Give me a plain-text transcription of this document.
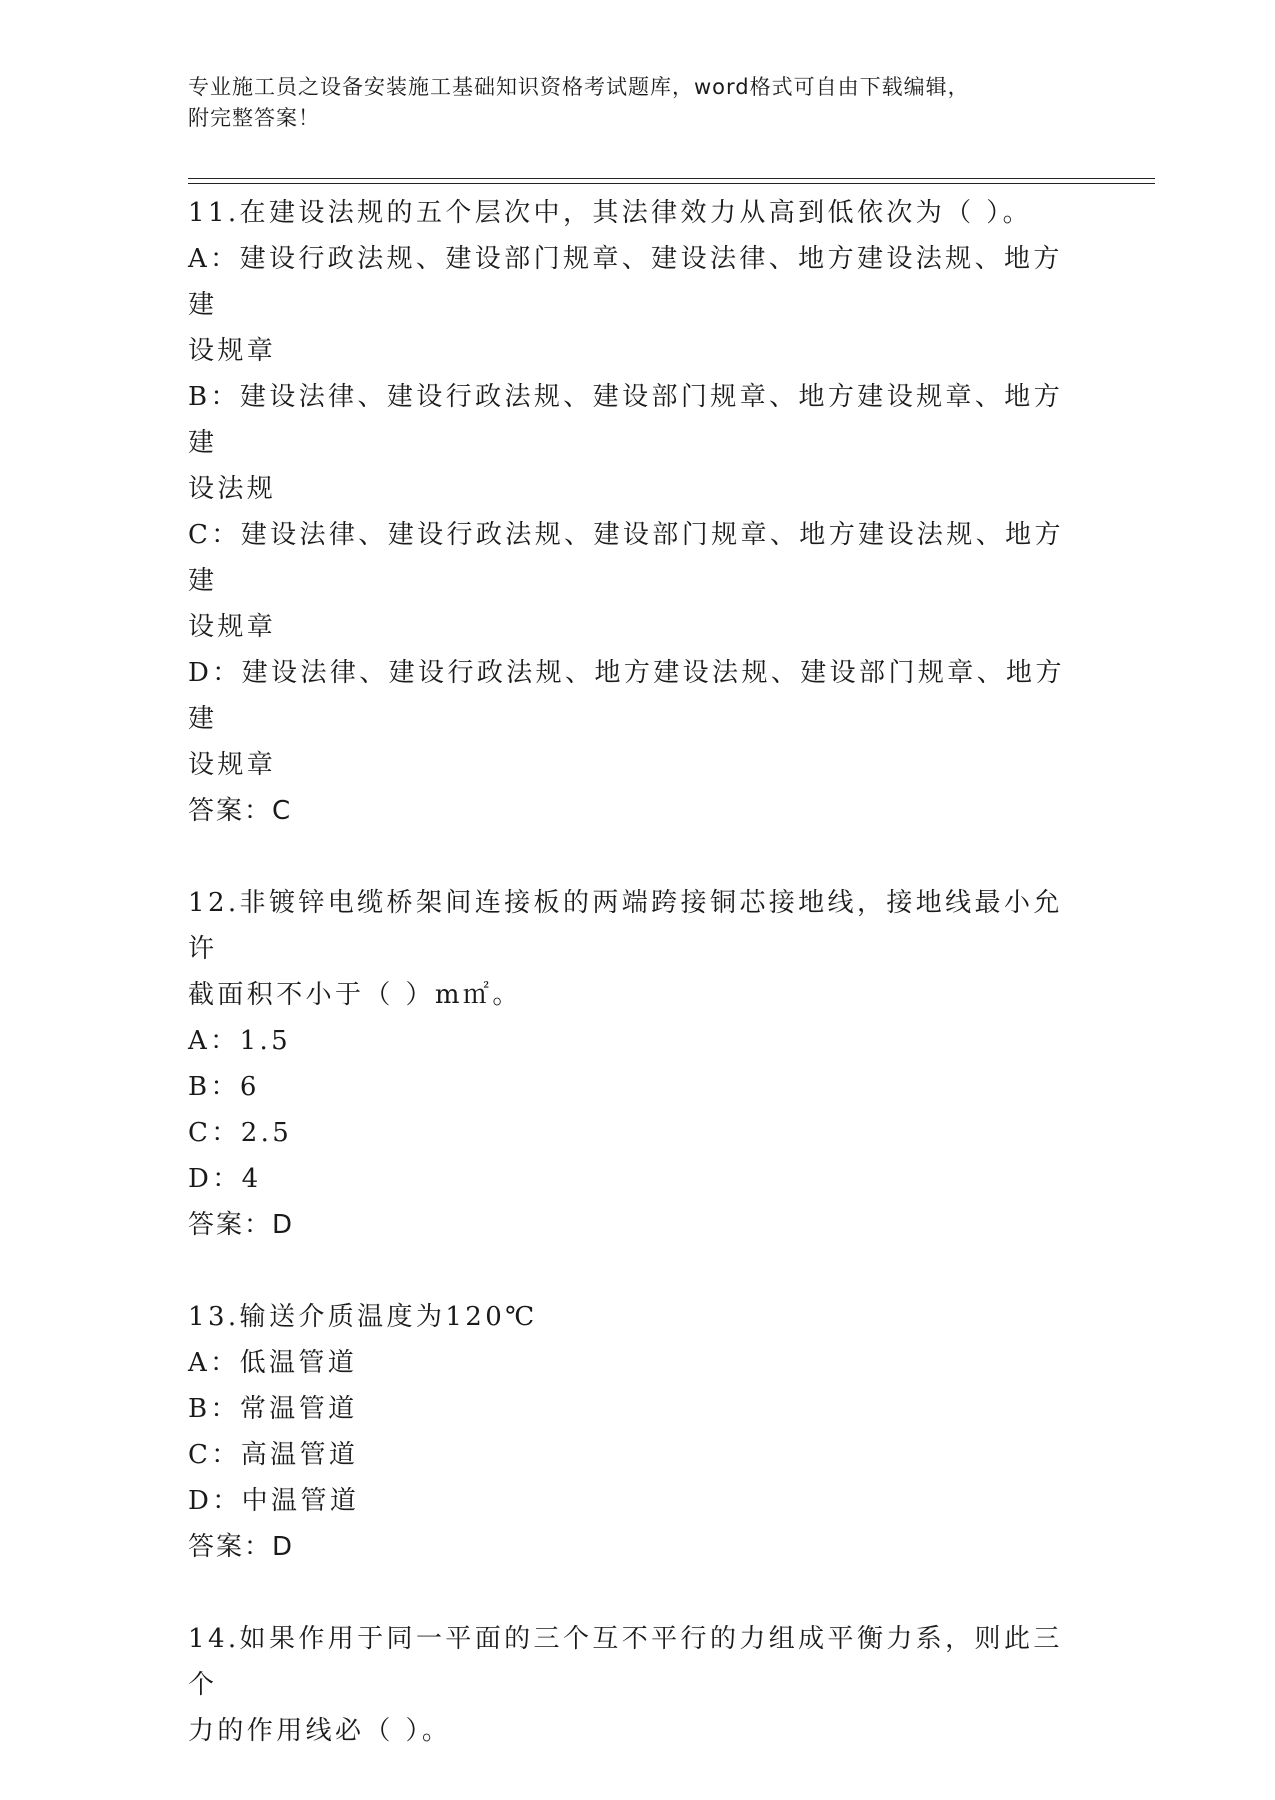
专业施工员之设备安装施工基础知识资格考试题库，word格式可自由下载编辑，
附完整答案！

11.在建设法规的五个层次中，其法律效力从高到低依次为（ ）。

A：建设行政法规、建设部门规章、建设法律、地方建设法规、地方建

设规章

B：建设法律、建设行政法规、建设部门规章、地方建设规章、地方建

设法规

C：建设法律、建设行政法规、建设部门规章、地方建设法规、地方建

设规章

D：建设法律、建设行政法规、地方建设法规、建设部门规章、地方建

设规章

答案：C

12.非镀锌电缆桥架间连接板的两端跨接铜芯接地线，接地线最小允许

截面积不小于（ ）m㎡。

A：1.5

B：6

C：2.5

D：4

答案：D

13.输送介质温度为120℃

A：低温管道

B：常温管道

C：高温管道

D：中温管道

答案：D

14.如果作用于同一平面的三个互不平行的力组成平衡力系，则此三个

力的作用线必（ ）。
